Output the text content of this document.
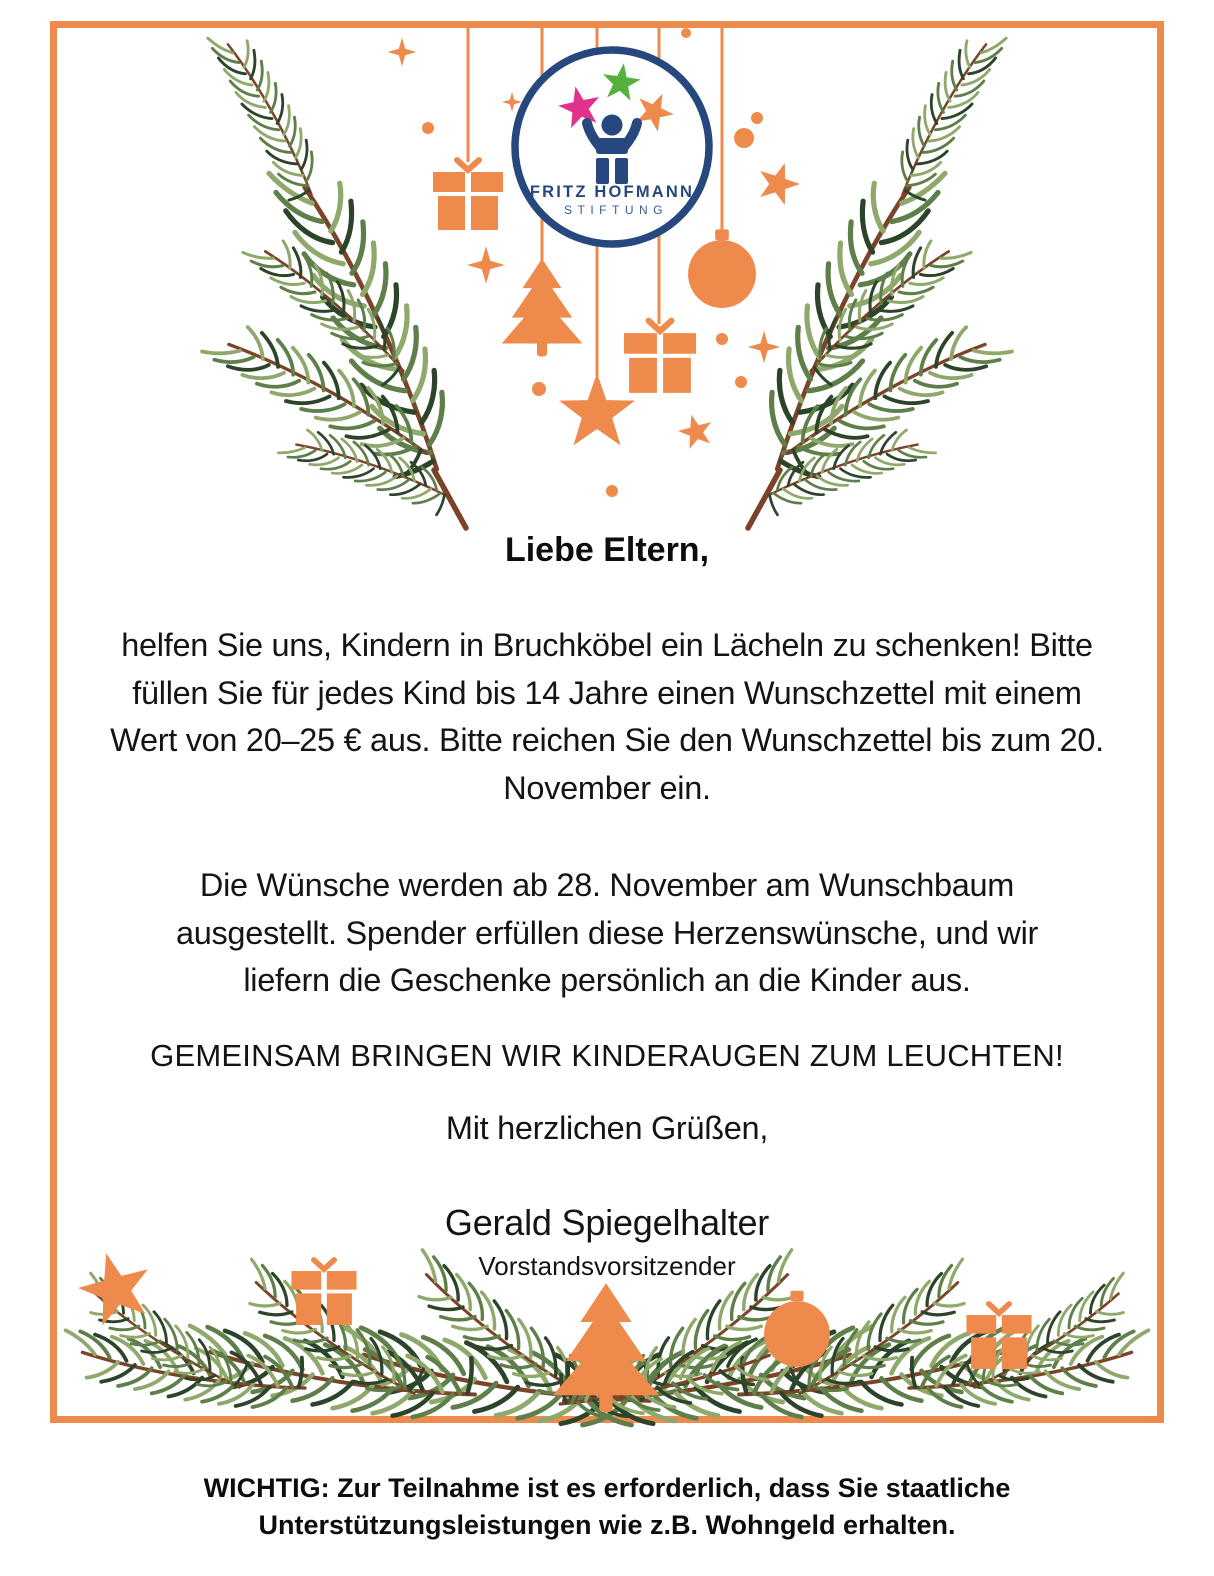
FRITZ HOFMANN
STIFTUNG
Liebe Eltern,
helfen Sie uns, Kindern in Bruchköbel ein Lächeln zu schenken! Bitte füllen Sie für jedes Kind bis 14 Jahre einen Wunschzettel mit einem Wert von 20–25 € aus. Bitte reichen Sie den Wunschzettel bis zum 20. November ein.
Die Wünsche werden ab 28. November am Wunschbaum ausgestellt. Spender erfüllen diese Herzenswünsche, und wir liefern die Geschenke persönlich an die Kinder aus.
GEMEINSAM BRINGEN WIR KINDERAUGEN ZUM LEUCHTEN!
Mit herzlichen Grüßen,
Gerald Spiegelhalter
Vorstandsvorsitzender
WICHTIG: Zur Teilnahme ist es erforderlich, dass Sie staatliche Unterstützungsleistungen wie z.B. Wohngeld erhalten.
